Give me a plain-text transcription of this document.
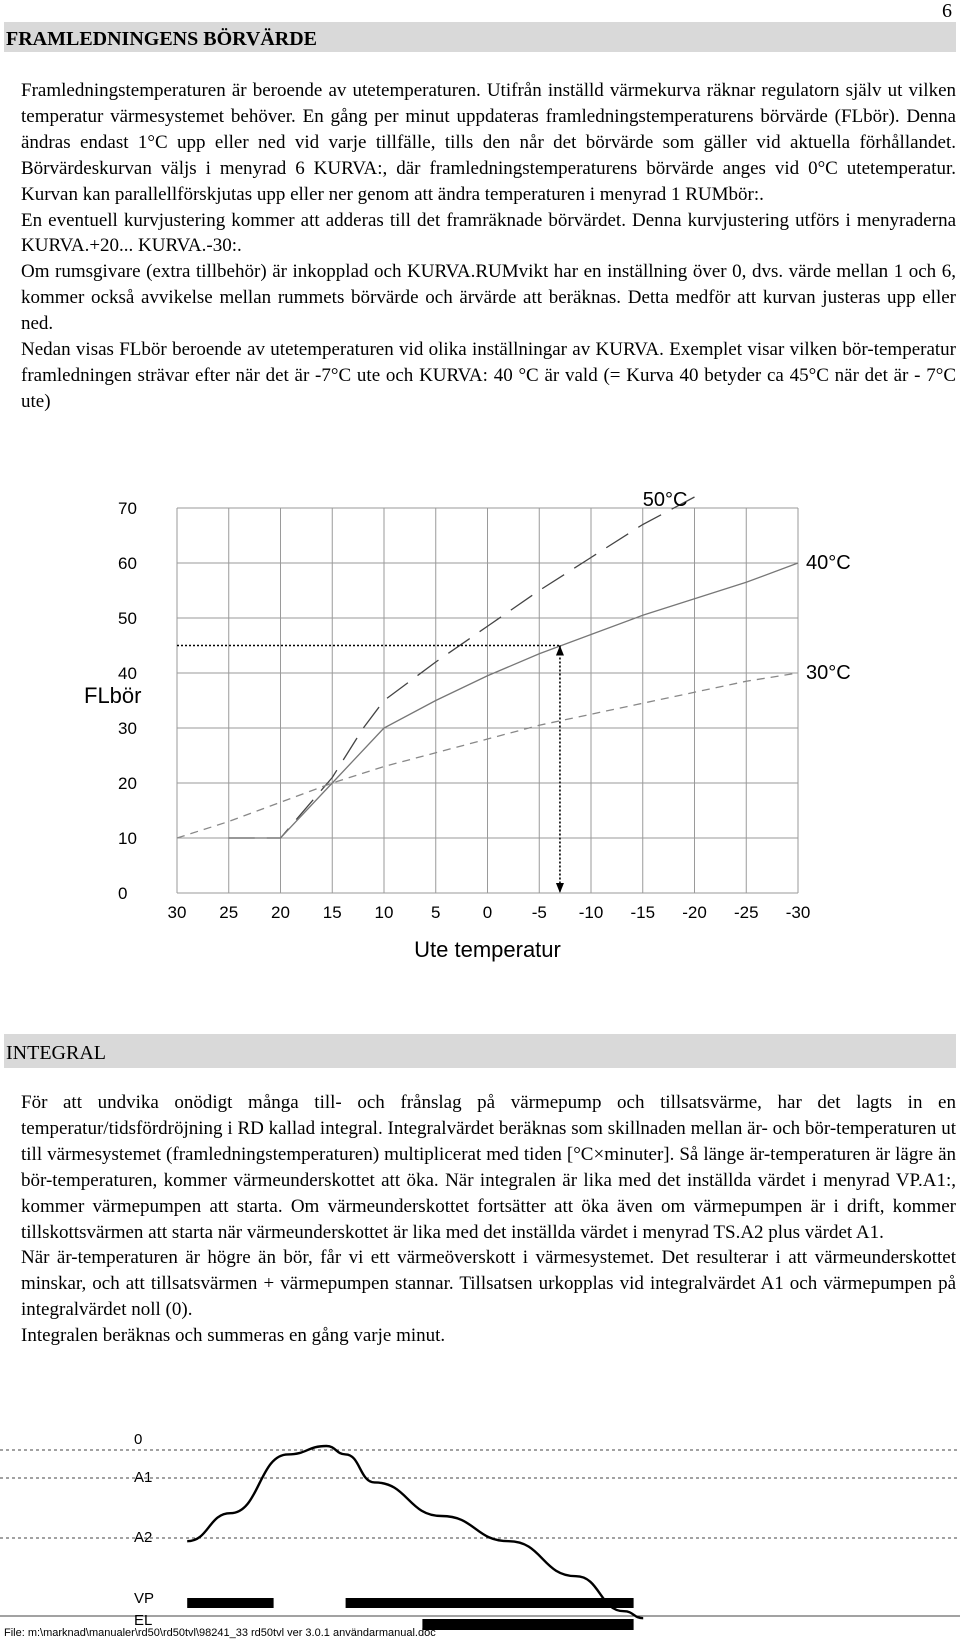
6
FRAMLEDNINGENS BÖRVÄRDE

Framledningstemperaturen är beroende av utetemperaturen. Utifrån inställd värmekurva räknar regulatorn själv ut vilken temperatur värmesystemet behöver. En gång per minut uppdateras framledningstemperaturens börvärde (FLbör). Denna ändras endast 1°C upp eller ned vid varje tillfälle, tills den når det börvärde som gäller vid aktuella förhållandet. Börvärdeskurvan väljs i menyrad 6 KURVA:, där framledningstemperaturens börvärde anges vid 0°C utetemperatur. Kurvan kan parallellförskjutas upp eller ner genom att ändra temperaturen i menyrad 1 RUMbör:.

En eventuell kurvjustering kommer att adderas till det framräknade börvärdet. Denna kurvjustering utförs i menyraderna KURVA.+20... KURVA.-30:.

Om rumsgivare (extra tillbehör) är inkopplad och KURVA.RUMvikt har en inställning över 0, dvs. värde mellan 1 och 6, kommer också avvikelse mellan rummets börvärde och ärvärde att beräknas. Detta medför att kurvan justeras upp eller ned.

Nedan visas FLbör beroende av utetemperaturen vid olika inställningar av KURVA. Exemplet visar vilken bör-temperatur framledningen strävar efter när det är -7°C ute och KURVA: 40 °C är vald (= Kurva 40 betyder ca 45°C när det är - 7°C ute)

30 25 20 15 10 5 0 -5 -10 -15 -20 -25 -30
0
10
20
30
40
50
60
70
FLbör
Ute temperatur
50°C
40°C
30°C
INTEGRAL

För att undvika onödigt många till- och frånslag på värmepump och tillsatsvärme, har det lagts in en temperatur/tidsfördröjning i RD kallad integral. Integralvärdet beräknas som skillnaden mellan är- och bör-temperaturen ut till värmesystemet (framledningstemperaturen) multiplicerat med tiden [°C×minuter]. Så länge är-temperaturen är lägre än bör-temperaturen, kommer värmeunderskottet att öka. När integralen är lika med det inställda värdet i menyrad VP.A1:, kommer värmepumpen att starta. Om värmeunderskottet fortsätter att öka även om värmepumpen är i drift, kommer tillskottsvärmen att starta när värmeunderskottet är lika med det inställda värdet i menyrad TS.A2 plus värdet A1.

När är-temperaturen är högre än bör, får vi ett värmeöverskott i värmesystemet. Det resulterar i att värmeunderskottet minskar, och att tillsatsvärmen + värmepumpen stannar. Tillsatsen urkopplas vid integralvärdet A1 och värmepumpen på integralvärdet noll (0).

Integralen beräknas och summeras en gång varje minut.

0
A1
A2
VP
EL
File: m:\marknad\manualer\rd50\rd50tvl\98241_33 rd50tvl ver 3.0.1 användarmanual.doc
